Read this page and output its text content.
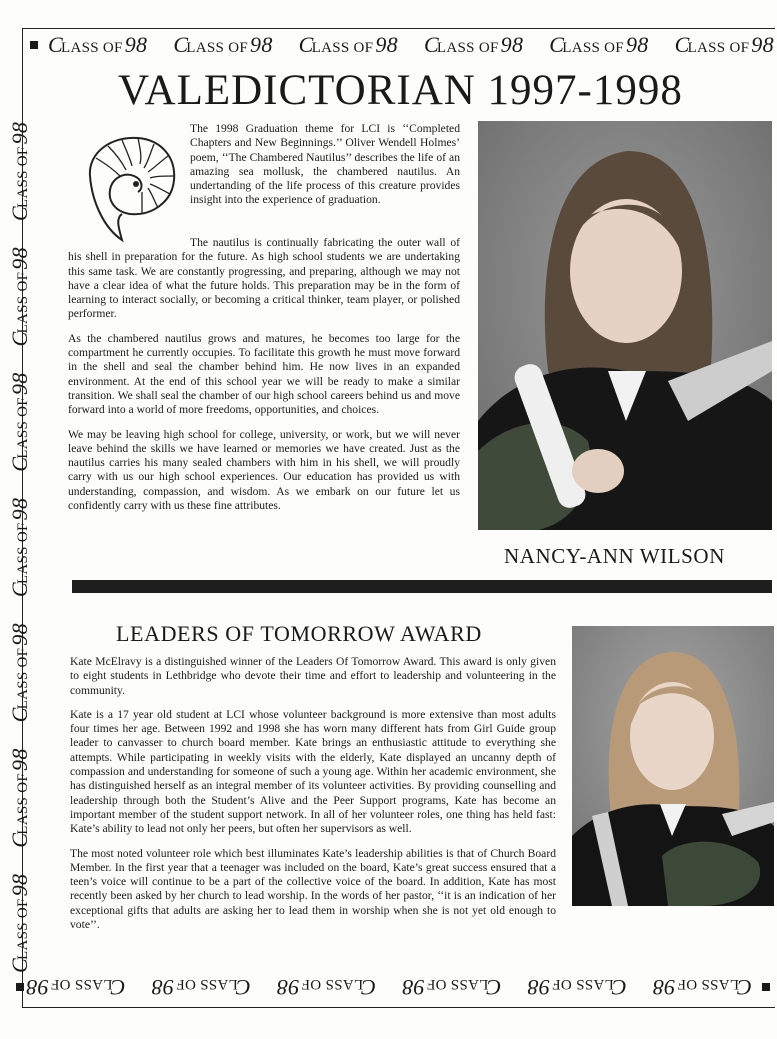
CLASS OF98 CLASS OF98 CLASS OF98 CLASS OF98 CLASS OF98 CLASS OF98
CLASS OF98
CLASS OF98
CLASS OF98
CLASS OF98
CLASS OF98
CLASS OF98
CLASS OF98
CLASS OF98
CLASS OF98
CLASS OF98
CLASS OF98
CLASS OF98
CLASS OF98
VALEDICTORIAN 1997-1998
The 1998 Graduation theme for LCI is ‘‘Completed Chapters and New Beginnings.’’ Oliver Wendell Holmes’ poem, ‘‘The Chambered Nautilus’’ describes the life of an amazing sea mollusk, the chambered nautilus. An undertanding of the life process of this creature provides insight into the experience of graduation.

The nautilus is continually fabricating the outer wall of his shell in preparation for the future. As high school students we are undertaking this same task. We are constantly progressing, and preparing, although we may not have a clear idea of what the future holds. This preparation may be in the form of learning to interact socially, or becoming a critical thinker, team player, or polished performer.

As the chambered nautilus grows and matures, he becomes too large for the compartment he currently occupies. To facilitate this growth he must move forward in the shell and seal the chamber behind him. He now lives in an expanded environment. At the end of this school year we will be ready to make a similar transition. We shall seal the chamber of our high school careers behind us and move forward into a world of more freedoms, opportunities, and choices.

We may be leaving high school for college, university, or work, but we will never leave behind the skills we have learned or memories we have created. Just as the nautilus carries his many sealed chambers with him in his shell, we will proudly carry with us our high school experiences. Our education has provided us with understanding, compassion, and wisdom. As we embark on our future let us confidently carry with us these fine attributes.

NANCY-ANN WILSON
LEADERS OF TOMORROW AWARD

Kate McElravy is a distinguished winner of the Leaders Of Tomorrow Award. This award is only given to eight students in Lethbridge who devote their time and effort to leadership and volunteering in the community.

Kate is a 17 year old student at LCI whose volunteer background is more extensive than most adults four times her age. Between 1992 and 1998 she has worn many different hats from Girl Guide group leader to canvasser to church board member. Kate brings an enthusiastic attitude to everything she attempts. While participating in weekly visits with the elderly, Kate displayed an uncanny depth of compassion and understanding for someone of such a young age. Within her academic environment, she has distinguished herself as an integral member of its volunteer activities. By providing counselling and leadership through both the Student’s Alive and the Peer Support programs, Kate has become an important member of the student support network. In all of her volunteer roles, one thing has held fast: Kate’s ability to lead not only her peers, but often her supervisors as well.

The most noted volunteer role which best illuminates Kate’s leadership abilities is that of Church Board Member. In the first year that a teenager was included on the board, Kate’s great success ensured that a teen’s voice will continue to be a part of the collective voice of the board. In addition, Kate has most recently been asked by her church to lead worship. In the words of her pastor, ‘‘it is an indication of her exceptional gifts that adults are asking her to lead them in worship when she is not yet old enough to vote’’.
